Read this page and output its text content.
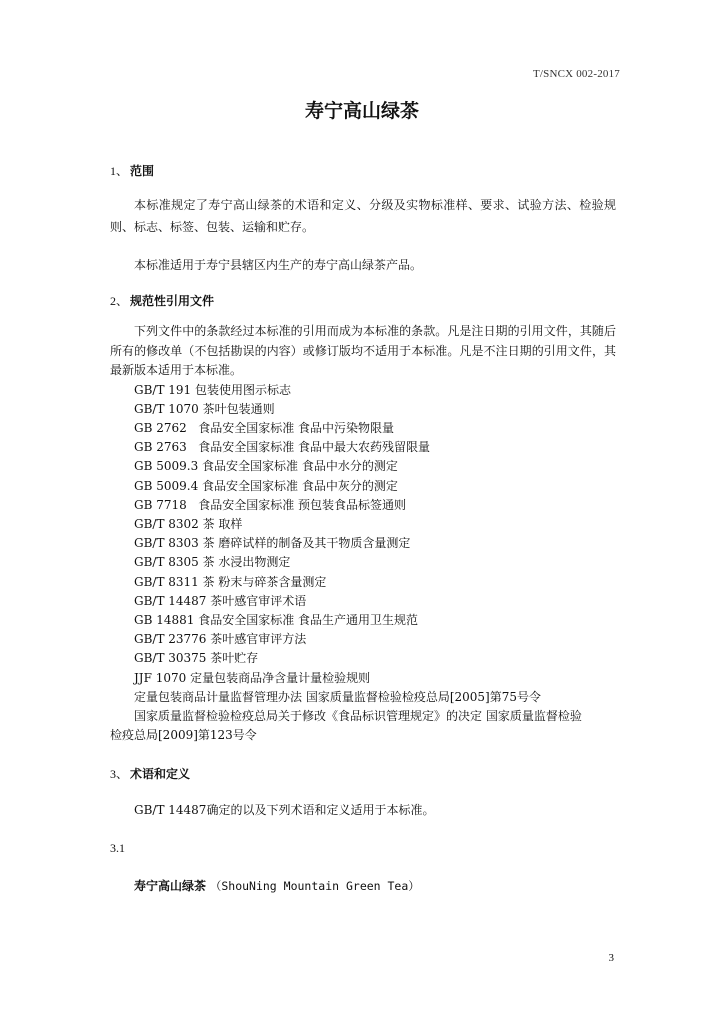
T/SNCX 002-2017
寿宁高山绿茶

1、 范围

本标准规定了寿宁高山绿茶的术语和定义、分级及实物标准样、要求、试验方法、检验规则、标志、标签、包装、运输和贮存。

本标准适用于寿宁县辖区内生产的寿宁高山绿茶产品。

2、 规范性引用文件

下列文件中的条款经过本标准的引用而成为本标准的条款。凡是注日期的引用文件，其随后所有的修改单（不包括勘误的内容）或修订版均不适用于本标准。凡是不注日期的引用文件，其最新版本适用于本标准。

GB/T 191 包装使用图示标志

GB/T 1070 茶叶包装通则

GB 2762   食品安全国家标准 食品中污染物限量

GB 2763   食品安全国家标准 食品中最大农药残留限量

GB 5009.3 食品安全国家标准 食品中水分的测定

GB 5009.4 食品安全国家标准 食品中灰分的测定

GB 7718   食品安全国家标准 预包装食品标签通则

GB/T 8302 茶 取样

GB/T 8303 茶 磨碎试样的制备及其干物质含量测定

GB/T 8305 茶 水浸出物测定

GB/T 8311 茶 粉末与碎茶含量测定

GB/T 14487 茶叶感官审评术语

GB 14881 食品安全国家标准 食品生产通用卫生规范

GB/T 23776 茶叶感官审评方法

GB/T 30375 茶叶贮存

JJF 1070 定量包装商品净含量计量检验规则

定量包装商品计量监督管理办法 国家质量监督检验检疫总局[2005]第75号令

国家质量监督检验检疫总局关于修改《食品标识管理规定》的决定 国家质量监督检验

检疫总局[2009]第123号令

3、 术语和定义

GB/T 14487确定的以及下列术语和定义适用于本标准。

3.1

寿宁高山绿茶 （ShouNing Mountain Green Tea）

3
